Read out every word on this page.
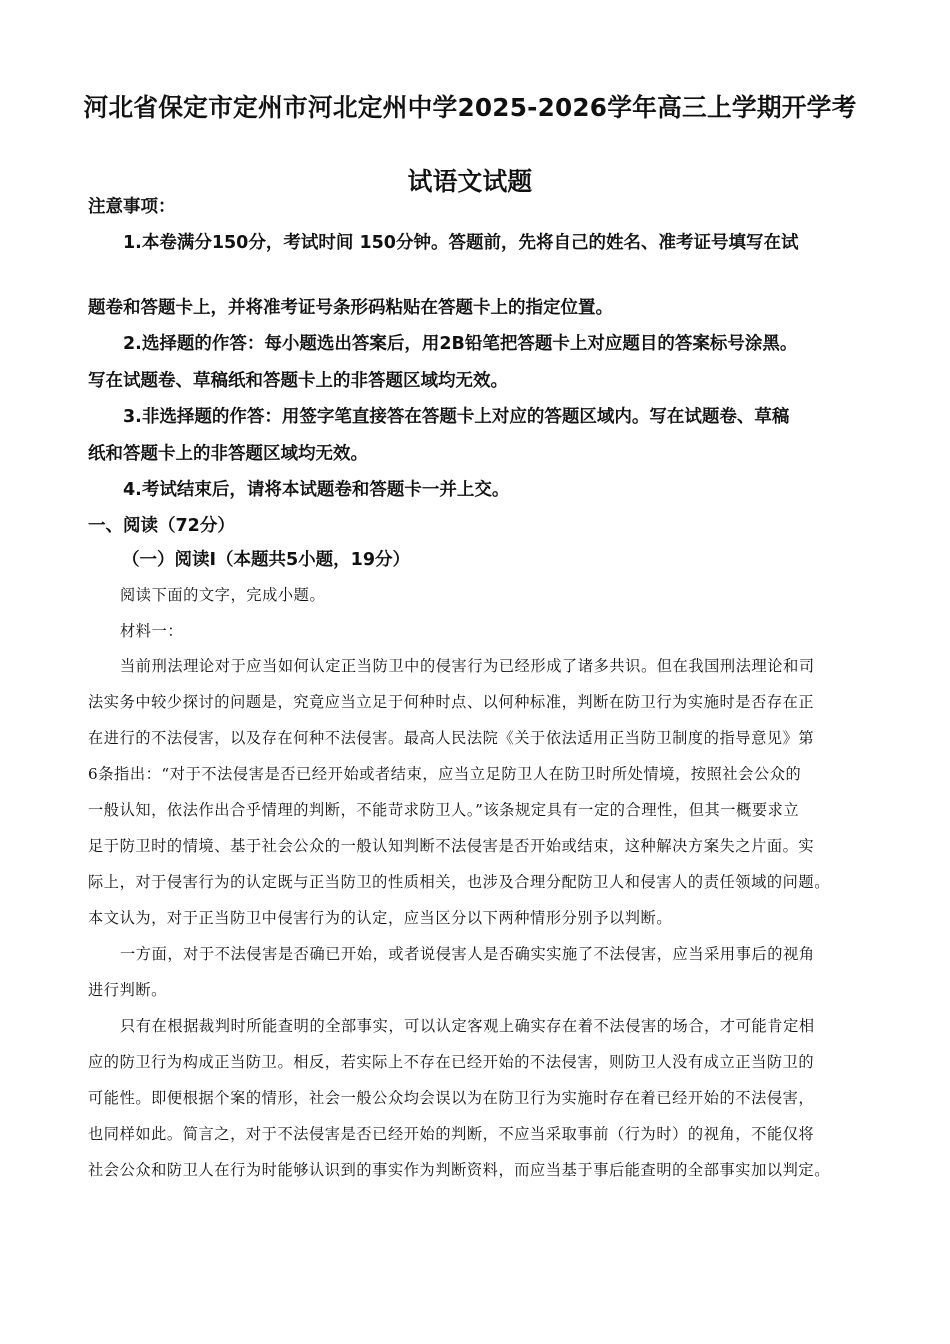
河北省保定市定州市河北定州中学2025-2026学年高三上学期开学考
试语文试题
注意事项：
1.本卷满分150分，考试时间 150分钟。答题前，先将自己的姓名、准考证号填写在试
题卷和答题卡上，并将准考证号条形码粘贴在答题卡上的指定位置。
2.选择题的作答：每小题选出答案后，用2B铅笔把答题卡上对应题目的答案标号涂黑。
写在试题卷、草稿纸和答题卡上的非答题区域均无效。
3.非选择题的作答：用签字笔直接答在答题卡上对应的答题区域内。写在试题卷、草稿
纸和答题卡上的非答题区域均无效。
4.考试结束后，请将本试题卷和答题卡一并上交。
一、阅读（72分）
（一）阅读Ⅰ（本题共5小题，19分）
阅读下面的文字，完成小题。
材料一：
当前刑法理论对于应当如何认定正当防卫中的侵害行为已经形成了诸多共识。但在我国刑法理论和司
法实务中较少探讨的问题是，究竟应当立足于何种时点、以何种标准，判断在防卫行为实施时是否存在正
在进行的不法侵害，以及存在何种不法侵害。最高人民法院《关于依法适用正当防卫制度的指导意见》第
6条指出：“对于不法侵害是否已经开始或者结束，应当立足防卫人在防卫时所处情境，按照社会公众的
一般认知，依法作出合乎情理的判断，不能苛求防卫人。”该条规定具有一定的合理性，但其一概要求立
足于防卫时的情境、基于社会公众的一般认知判断不法侵害是否开始或结束，这种解决方案失之片面。实
际上，对于侵害行为的认定既与正当防卫的性质相关，也涉及合理分配防卫人和侵害人的责任领域的问题。
本文认为，对于正当防卫中侵害行为的认定，应当区分以下两种情形分别予以判断。
一方面，对于不法侵害是否确已开始，或者说侵害人是否确实实施了不法侵害，应当采用事后的视角
进行判断。
只有在根据裁判时所能查明的全部事实，可以认定客观上确实存在着不法侵害的场合，才可能肯定相
应的防卫行为构成正当防卫。相反，若实际上不存在已经开始的不法侵害，则防卫人没有成立正当防卫的
可能性。即便根据个案的情形，社会一般公众均会误以为在防卫行为实施时存在着已经开始的不法侵害，
也同样如此。简言之，对于不法侵害是否已经开始的判断，不应当采取事前（行为时）的视角，不能仅将
社会公众和防卫人在行为时能够认识到的事实作为判断资料，而应当基于事后能查明的全部事实加以判定。
